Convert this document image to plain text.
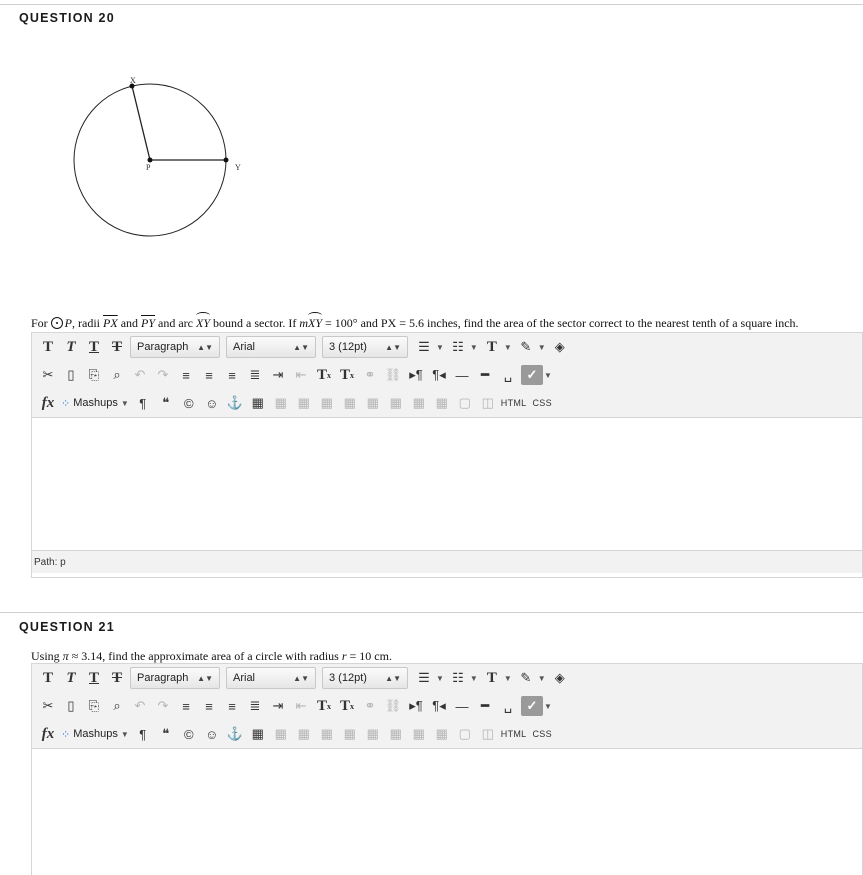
QUESTION 20
X
P	Y
For P, radii $\overline{PX}$ and $\overline{PY}$ and arc XY bound a sector. If mXY = 100° and PX = 5.6 inches, find the area of the sector correct to the nearest tenth of a square inch.
T T T T	Paragraph ▲▼ Arial	▲▼ 3 (12pt) ▲▼	☰ ▼ ☷ ▼ T ▼ ✎ ▼ ◈
✂	▯	⎘	⌕	↶ ↷	≡	≡	≡	≣ ⇥ ⇤ T x T x ⚭ ⛓ ▸¶ ¶◂ — ━	␣	✓ ▼
fx ⁘ Mashups ▼ ¶	❝	© ☺ ⚓ ▦ ▦ ▦ ▦ ▦ ▦ ▦ ▦ ▦ ▢ ◫ HTML CSS
Path: p
QUESTION 21
Using π ≈ 3.14, find the approximate area of a circle with radius r = 10 cm.
T T T T	Paragraph ▲▼ Arial	▲▼ 3 (12pt) ▲▼	☰ ▼ ☷ ▼ T ▼ ✎ ▼ ◈
✂	▯	⎘	⌕	↶ ↷	≡	≡	≡	≣ ⇥ ⇤ T x T x ⚭ ⛓ ▸¶ ¶◂ — ━	␣	✓ ▼
fx ⁘ Mashups ▼ ¶	❝	© ☺ ⚓ ▦ ▦ ▦ ▦ ▦ ▦ ▦ ▦ ▦ ▢ ◫ HTML CSS
